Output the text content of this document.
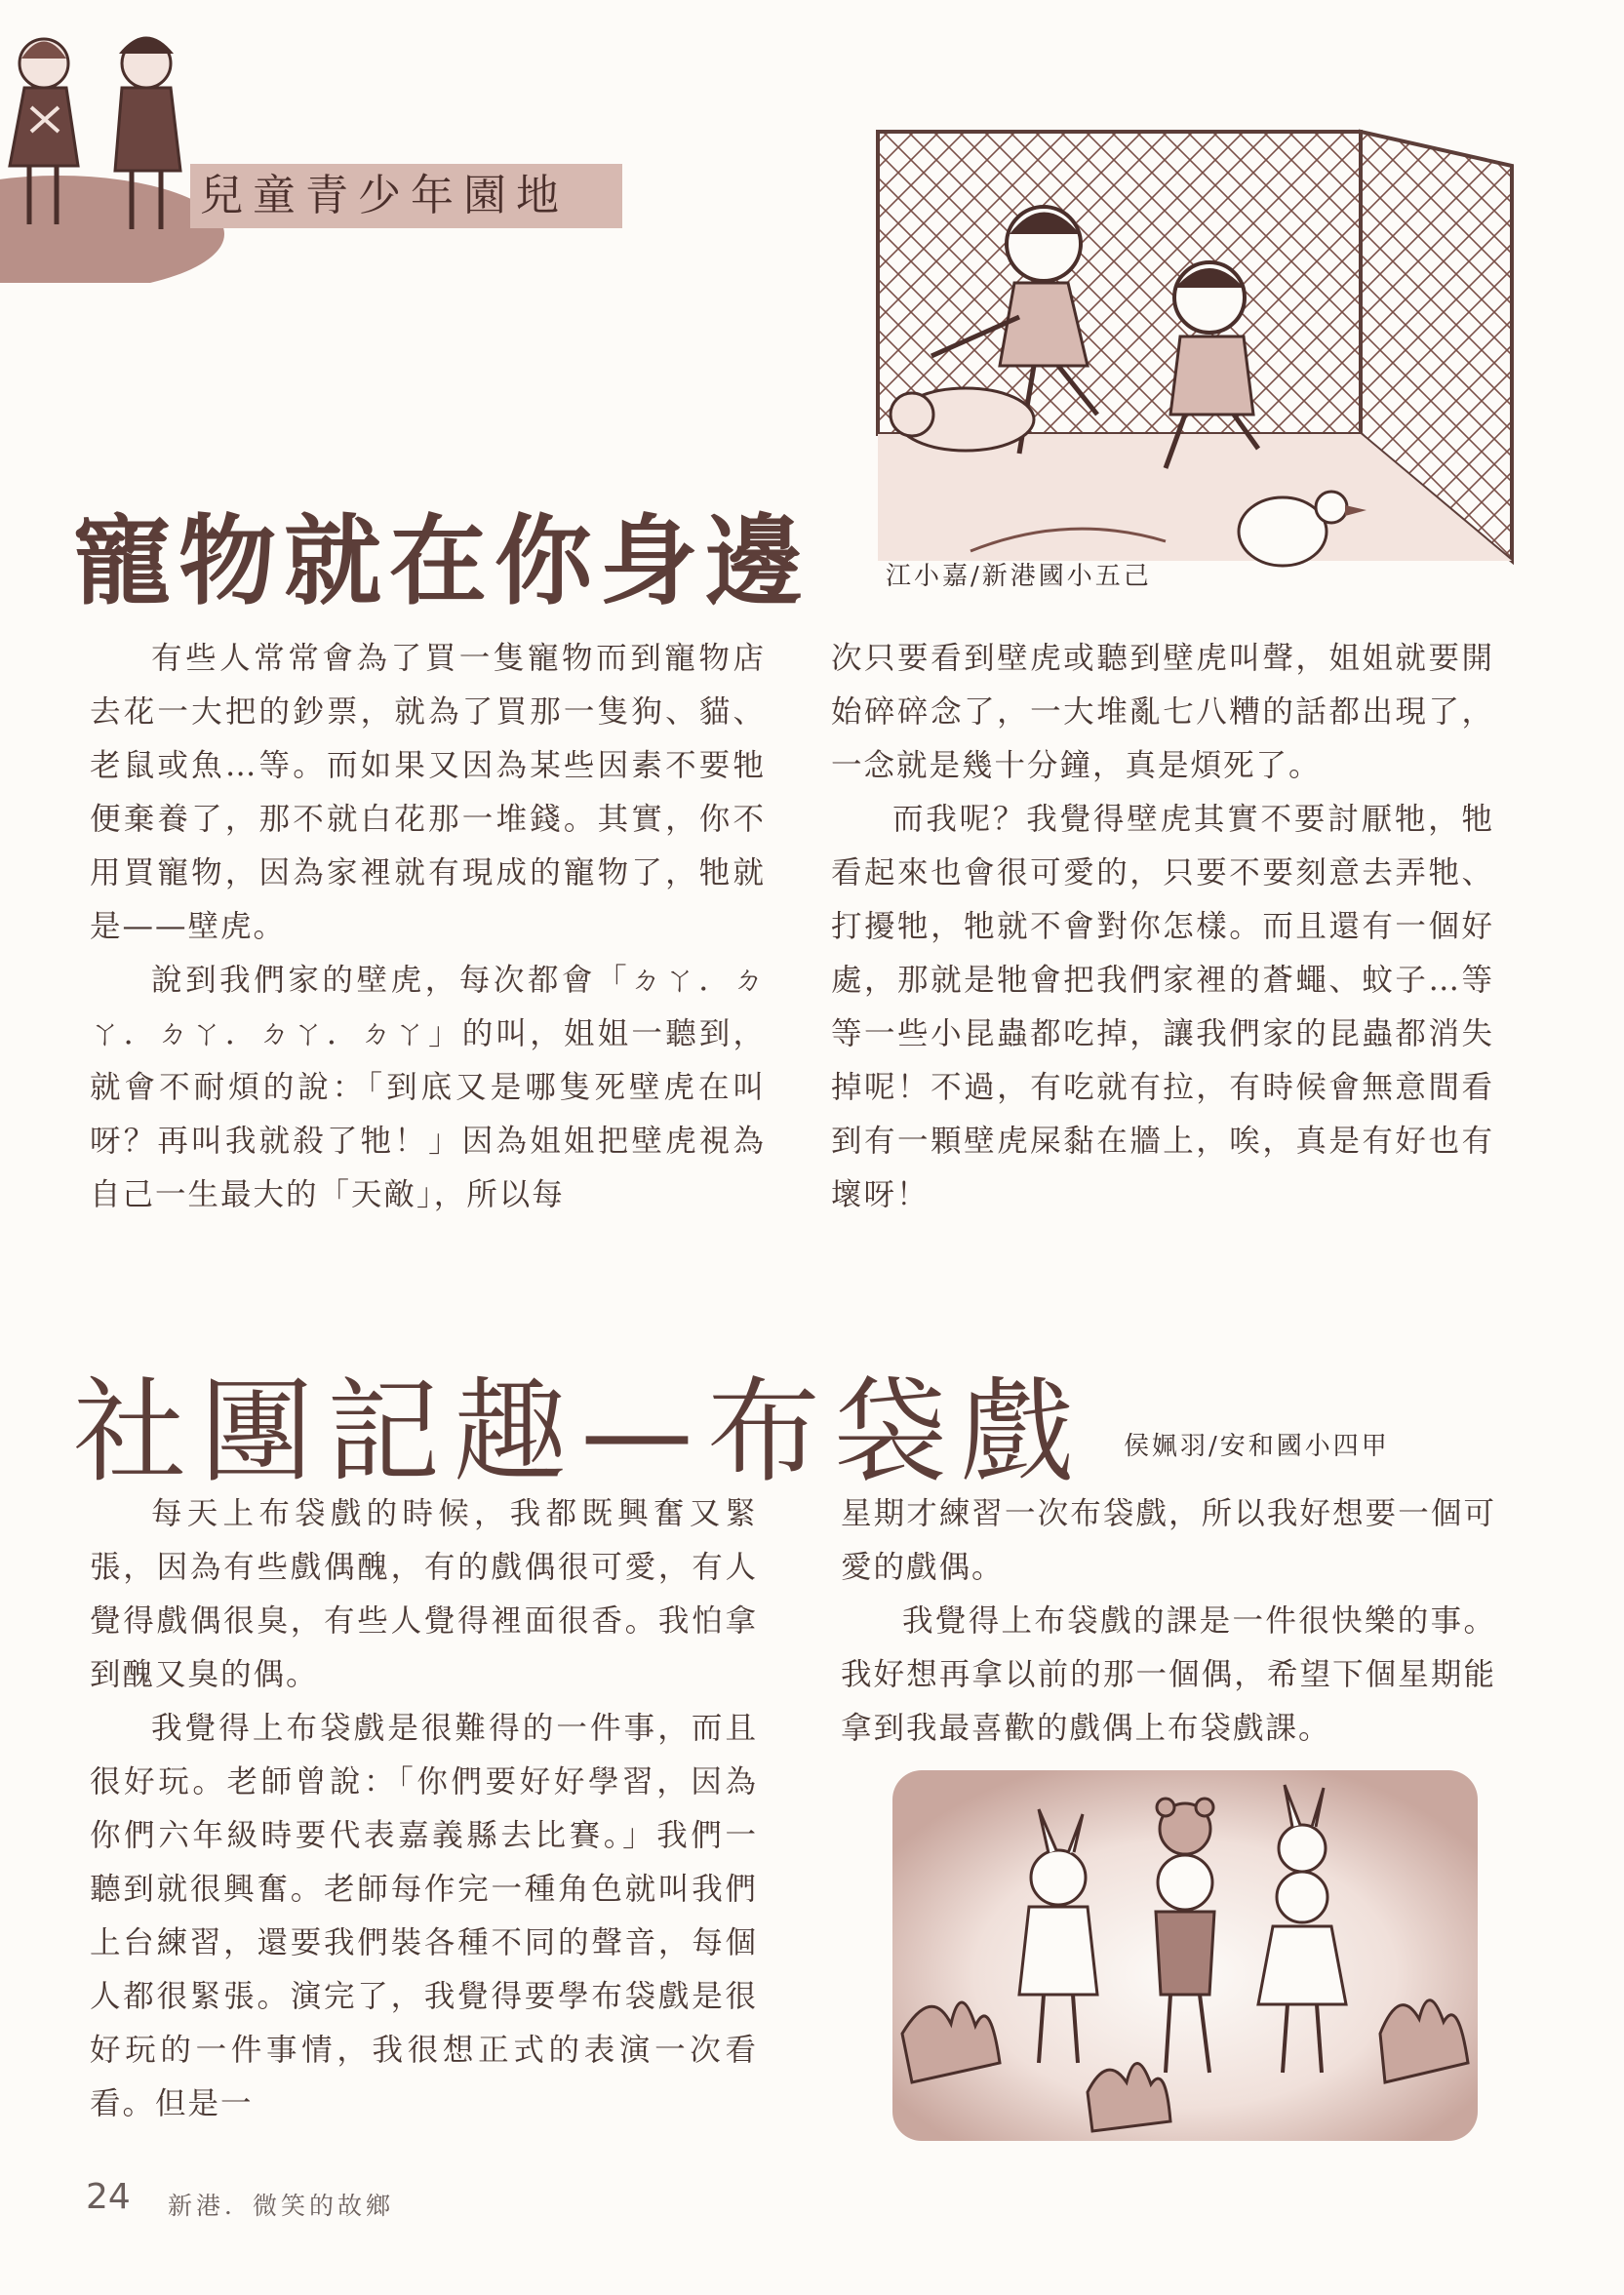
兒童青少年園地
寵物就在你身邊	江小嘉/新港國小五己

有些人常常會為了買一隻寵物而到寵物店去花一大把的鈔票，就為了買那一隻狗、貓、老鼠或魚…等。而如果又因為某些因素不要牠便棄養了，那不就白花那一堆錢。其實，你不用買寵物，因為家裡就有現成的寵物了，牠就是——壁虎。

說到我們家的壁虎，每次都會「ㄉㄚ．ㄉㄚ．ㄉㄚ．ㄉㄚ．ㄉㄚ」的叫，姐姐一聽到，就會不耐煩的說：「到底又是哪隻死壁虎在叫呀？再叫我就殺了牠！」因為姐姐把壁虎視為自己一生最大的「天敵」，所以每

次只要看到壁虎或聽到壁虎叫聲，姐姐就要開始碎碎念了，一大堆亂七八糟的話都出現了，一念就是幾十分鐘，真是煩死了。

而我呢？我覺得壁虎其實不要討厭牠，牠看起來也會很可愛的，只要不要刻意去弄牠、打擾牠，牠就不會對你怎樣。而且還有一個好處，那就是牠會把我們家裡的蒼蠅、蚊子…等等一些小昆蟲都吃掉，讓我們家的昆蟲都消失掉呢！不過，有吃就有拉，有時候會無意間看到有一顆壁虎屎黏在牆上，唉，真是有好也有壞呀！

社團記趣—布袋戲 侯姵羽/安和國小四甲

每天上布袋戲的時候，我都既興奮又緊張，因為有些戲偶醜，有的戲偶很可愛，有人覺得戲偶很臭，有些人覺得裡面很香。我怕拿到醜又臭的偶。

我覺得上布袋戲是很難得的一件事，而且很好玩。老師曾說：「你們要好好學習，因為你們六年級時要代表嘉義縣去比賽。」我們一聽到就很興奮。老師每作完一種角色就叫我們上台練習，還要我們裝各種不同的聲音，每個人都很緊張。演完了，我覺得要學布袋戲是很好玩的一件事情，我很想正式的表演一次看看。但是一

星期才練習一次布袋戲，所以我好想要一個可愛的戲偶。

我覺得上布袋戲的課是一件很快樂的事。我好想再拿以前的那一個偶，希望下個星期能拿到我最喜歡的戲偶上布袋戲課。

24 新港．微笑的故鄉
